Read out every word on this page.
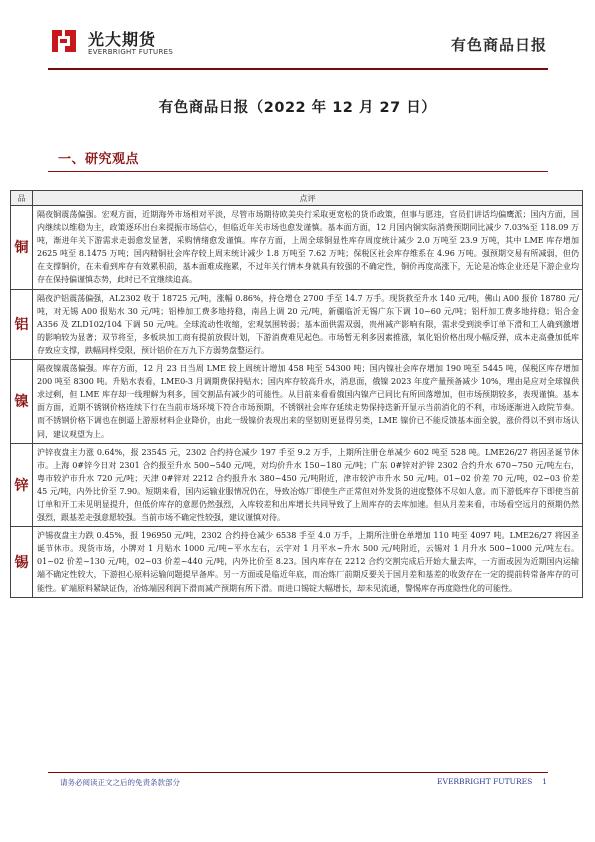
光大期货
EVERBRIGHT FUTURES	有色商品日报
有色商品日报（2022 年 12 月 27 日）
一、研究观点
品	点评
铜	隔夜铜震荡偏强。宏观方面，近期海外市场相对平淡，尽管市场期待欧美央行采取更宽松的货币政策，但事与愿违，官员们讲话均偏鹰派；国内方面，国内继续以维稳为主，政策逐环出台来提振市场信心，但临近年关市场也愈发谨慎。基本面方面，12 月国内铜实际消费预期同比减少 7.03%至 118.09 万吨，渐进年关下游需求走弱愈发显著，采购情绪愈发谨慎。库存方面，上周全球铜显性库存周度统计减少 2.0 万吨至 23.9 万吨，其中 LME 库存增加 2625 吨至 8.1475 万吨；国内精铜社会库存较上周末统计减少 1.8 万吨至 7.62 万吨；保税区社会库存维系在 4.96 万吨。强预期交易有所减弱，但仍在支撑铜价，在未看到库存有效累积前，基本面难成拖累，不过年关行情本身就具有较强的不确定性，铜价再度高涨下，无论是冶炼企业还是下游企业均存在保持偏谨慎态势，此时已不宜继续追高。
铝	隔夜沪铝震荡偏强，AL2302 收于 18725 元/吨，涨幅 0.86%，持仓增仓 2700 手至 14.7 万手。现货救至升水 140 元/吨，佛山 A00 报价 18780 元/吨，对无锡 A00 报贴水 30 元/吨；铝棒加工费多地持稳，南昌上调 20 元/吨，新疆临沂无锡广东下调 10~60 元/吨；铝杆加工费多地持稳；铝合金 A356 及 ZLD102/104 下调 50 元/吨。全球流动性收缩，宏观氛围转弱；基本面供需双弱，贵州减产影响有限，需求受到淡季订单下滑和工人确到激增的影响较为显著；双节将至，多板块加工商有提前放假计划，下游消费难见起色。市场暂无利多因素推涨，氧化铝价格出现小幅反弹，成本走高叠加低库存致应支撑，跌幅同样受限，预计铝价在万九下方弱势盘整运行。
镍	隔夜镍震荡偏强。库存方面，12 月 23 日当周 LME 较上周统计增加 458 吨至 54300 吨；国内镍社会库存增加 190 吨至 5445 吨，保税区库存增加 200 吨至 8300 吨。升贴水表看，LME0-3 月调期费保持贴水；国内库存较高升水，消息面，俄镍 2023 年度产量预备减少 10%，理由是应对全球镍供求过剩，但 LME 库存却一线理解为利多，国交割品有减少的可能性。从目前来看看俄国内镍产已同比有所回落增加，但市场预期较多，表现谨慎。基本面方面，近期不锈钢价格连续下行在当前市场环境下符合市场预期，不锈钢社会库存延续走势保持迭新开显示当前消化的不利，市场逐渐进入政院节奏。而不锈钢价格下调也在倒逼上游原材料企业降价，由此一级镍价表现出来的坚韧则更显得另类，LME 镍价已不能反馈基本面全貌，涨价得以不到市场认同，建议观望为上。
锌	沪锌夜盘主力涨 0.64%，报 23545 元，2302 合约持仓减少 197 手至 9.2 万手，上期所注册仓单减少 602 吨至 528 吨。LME26/27 将因圣诞节休市。上海 0#锌今日对 2301 合约报至升水 500~540 元/吨，对均价升水 150~180 元/吨；广东 0#锌对沪锌 2302 合约升水 670~750 元/吨左右，粤市较沪市升水 720 元/吨；天津 0#锌对 2212 合约报升水 380~450 元/吨附近，津市较沪市升水 50 元/吨。01~02 价差 70 元/吨，02~03 价差 45 元/吨，内外比价至 7.90。短期来看，国内运输业服情况仍在，导致冶炼厂即使生产正常但对外发货的进度整体不尽如人意。而下游低库存下即使当前订单和开工未见明显提升，但低价库存的意愿仍然强烈，入库较差和出库增长共同导致了上周库存的去库加速。但从月差来看，市场看空远月的预期仍然强烈，跟基差走强意愿较强。当前市场不确定性较强，建议谨慎对待。
锡	沪锡夜盘主力跌 0.45%，报 196950 元/吨，2302 合约持仓减少 6538 手至 4.0 万手，上期所注册仓单增加 110 吨至 4097 吨。LME26/27 将因圣诞节休市。现货市场，小牌对 1 月贴水 1000 元/吨~平水左右，云字对 1 月平水~升水 500 元/吨附近，云锡对 1 月升水 500~1000 元/吨左右。01~02 价差~130 元/吨，02~03 价差~440 元/吨，内外比价至 8.23。国内库存在 2212 合约交割完成后开始大量去库，一方面或因为近期国内运输端不确定性较大，下游担心原料运输问题提早备库。另一方面或是临近年底，而冶炼厂前期反要关于国月差和基差的收敛存在一定的提前转常备库存的可能性。矿端原料紧缺证伪，冶炼端因利润下滑而减产预期有所下滑。而进口锡锭大幅增长，却未见流通，警惕库存再度隐性化的可能性。
请务必阅读正文之后的免责条款部分	EVERBRIGHT FUTURES 1
